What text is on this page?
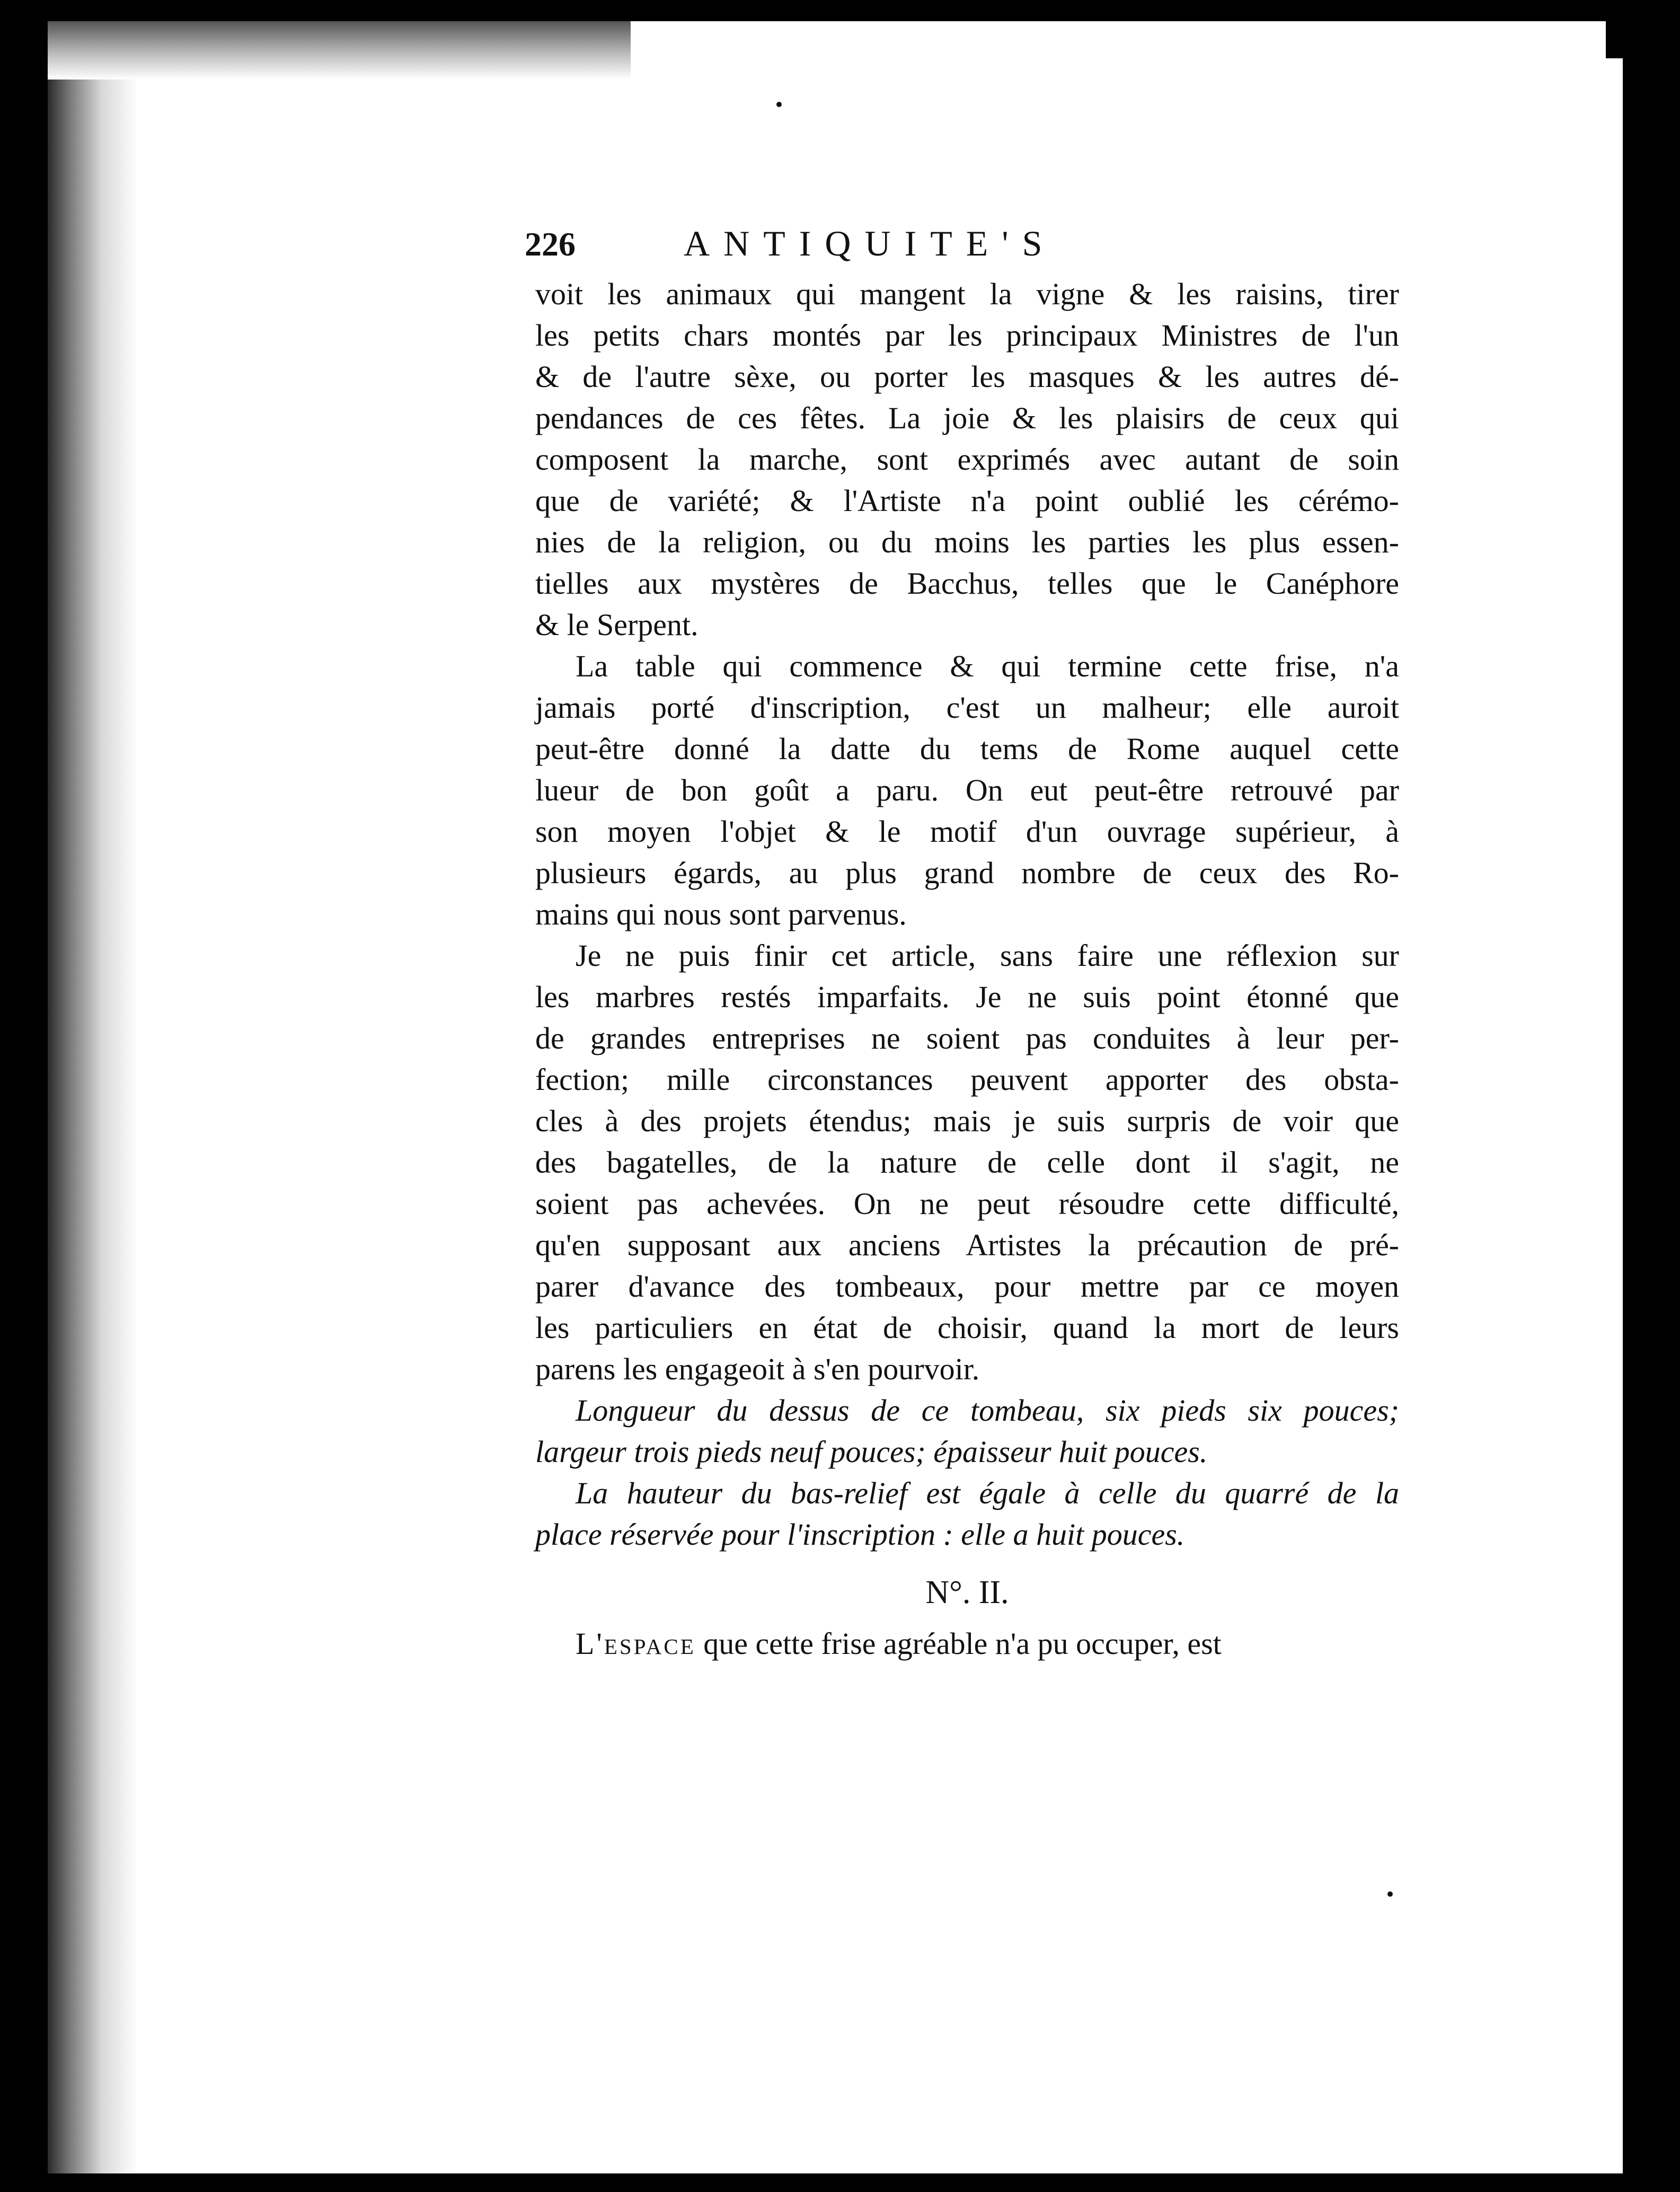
226	ANTIQUITE'S
voit les animaux qui mangent la vigne & les raisins, tirer
les petits chars montés par les principaux Ministres de l'un
& de l'autre sèxe, ou porter les masques & les autres dé-
pendances de ces fêtes. La joie & les plaisirs de ceux qui
composent la marche, sont exprimés avec autant de soin
que de variété; & l'Artiste n'a point oublié les cérémo-
nies de la religion, ou du moins les parties les plus essen-
tielles aux mystères de Bacchus, telles que le Canéphore
& le Serpent.
La table qui commence & qui termine cette frise, n'a
jamais porté d'inscription, c'est un malheur; elle auroit
peut-être donné la datte du tems de Rome auquel cette
lueur de bon goût a paru. On eut peut-être retrouvé par
son moyen l'objet & le motif d'un ouvrage supérieur, à
plusieurs égards, au plus grand nombre de ceux des Ro-
mains qui nous sont parvenus.
Je ne puis finir cet article, sans faire une réflexion sur
les marbres restés imparfaits. Je ne suis point étonné que
de grandes entreprises ne soient pas conduites à leur per-
fection; mille circonstances peuvent apporter des obsta-
cles à des projets étendus; mais je suis surpris de voir que
des bagatelles, de la nature de celle dont il s'agit, ne
soient pas achevées. On ne peut résoudre cette difficulté,
qu'en supposant aux anciens Artistes la précaution de pré-
parer d'avance des tombeaux, pour mettre par ce moyen
les particuliers en état de choisir, quand la mort de leurs
parens les engageoit à s'en pourvoir.
Longueur du dessus de ce tombeau, six pieds six pouces;
largeur trois pieds neuf pouces; épaisseur huit pouces.
La hauteur du bas-relief est égale à celle du quarré de la
place réservée pour l'inscription : elle a huit pouces.
N°. II.
L'espace que cette frise agréable n'a pu occuper, est
